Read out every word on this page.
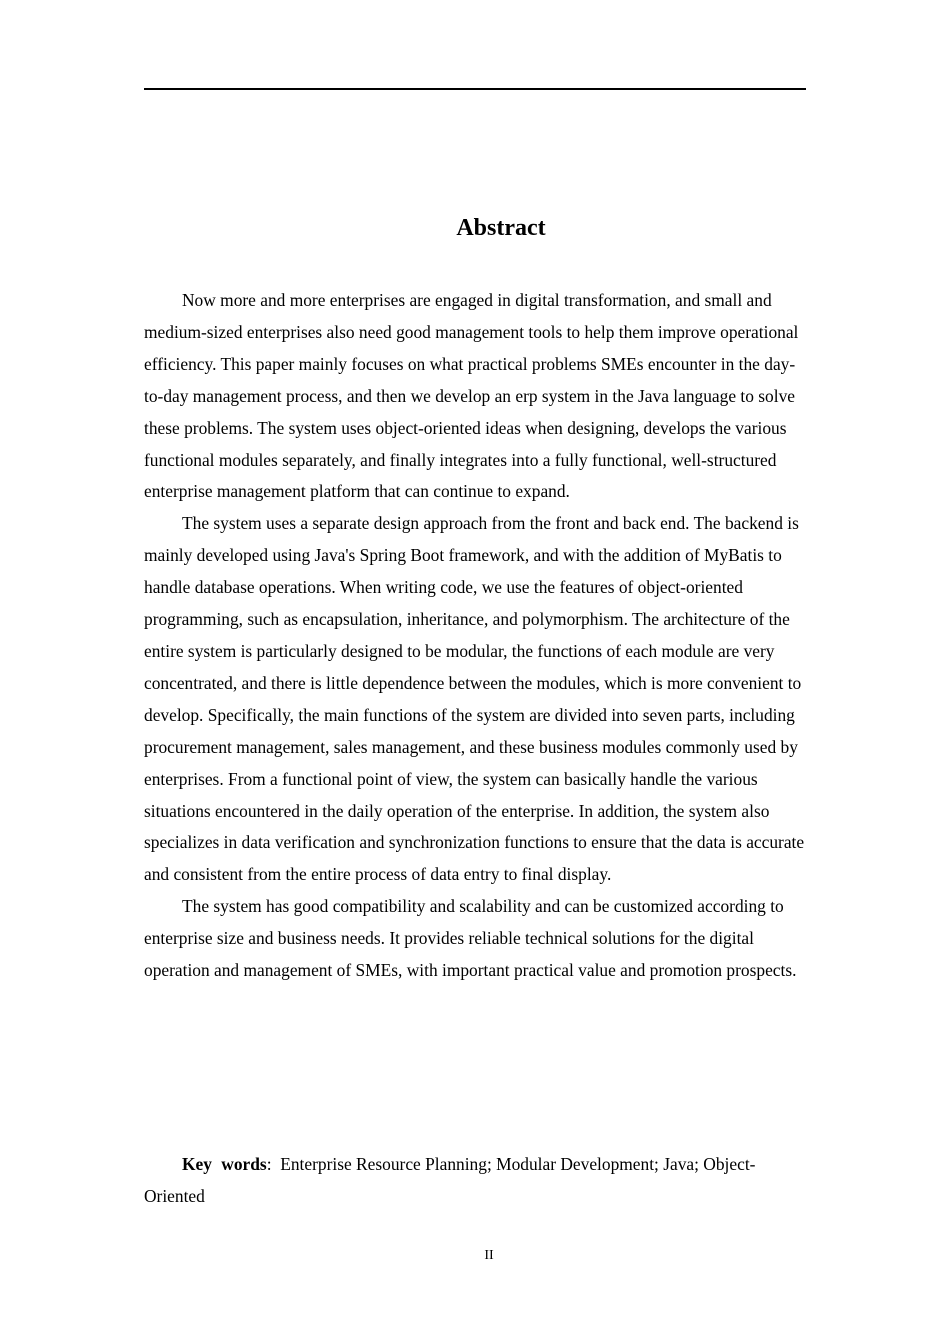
Abstract

Now more and more enterprises are engaged in digital transformation, and small and medium-sized enterprises also need good management tools to help them improve operational efficiency. This paper mainly focuses on what practical problems SMEs encounter in the day-to-day management process, and then we develop an erp system in the Java language to solve these problems. The system uses object-oriented ideas when designing, develops the various functional modules separately, and finally integrates into a fully functional, well-structured enterprise management platform that can continue to expand.

The system uses a separate design approach from the front and back end. The backend is mainly developed using Java's Spring Boot framework, and with the addition of MyBatis to handle database operations. When writing code, we use the features of object-oriented programming, such as encapsulation, inheritance, and polymorphism. The architecture of the entire system is particularly designed to be modular, the functions of each module are very concentrated, and there is little dependence between the modules, which is more convenient to develop. Specifically, the main functions of the system are divided into seven parts, including procurement management, sales management, and these business modules commonly used by enterprises. From a functional point of view, the system can basically handle the various situations encountered in the daily operation of the enterprise. In addition, the system also specializes in data verification and synchronization functions to ensure that the data is accurate and consistent from the entire process of data entry to final display.

The system has good compatibility and scalability and can be customized according to enterprise size and business needs. It provides reliable technical solutions for the digital operation and management of SMEs, with important practical value and promotion prospects.

Key words:  Enterprise Resource Planning; Modular Development; Java; Object-Oriented

II
